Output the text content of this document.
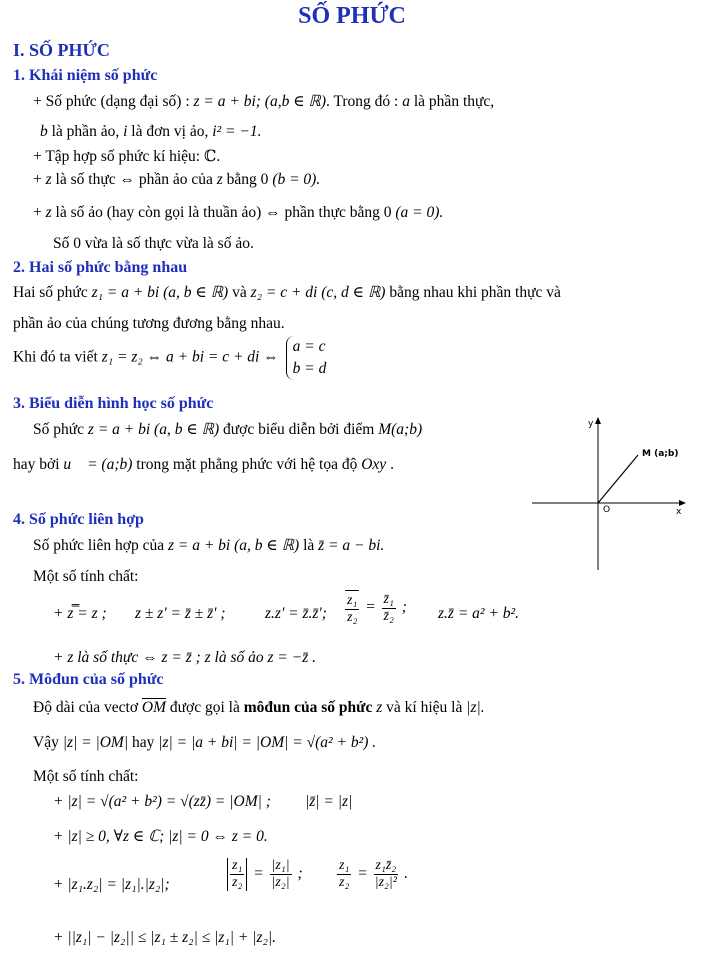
SỐ PHỨC
I. SỐ PHỨC
1. Khái niệm số phức
+ Số phức (dạng đại số) : z = a + bi; (a,b ∈ ℝ). Trong đó : a là phần thực,
b là phần ảo, i là đơn vị ảo, i² = −1.
+ Tập hợp số phức kí hiệu: ℂ.
+ z là số thực ⇔ phần ảo của z bằng 0 (b = 0).
+ z là số ảo (hay còn gọi là thuần ảo) ⇔ phần thực bằng 0 (a = 0).
Số 0 vừa là số thực vừa là số ảo.
2. Hai số phức bằng nhau
Hai số phức z₁ = a + bi (a, b ∈ ℝ) và z₂ = c + di (c, d ∈ ℝ) bằng nhau khi phần thực và
phần ảo của chúng tương đương bằng nhau.
Khi đó ta viết z₁ = z₂ ⇔ a + bi = c + di ⇔
a = c
b = d
3. Biểu diễn hình học số phức
Số phức z = a + bi (a, b ∈ ℝ) được biểu diễn bởi điểm M(a;b)
hay bởi u⃗ = (a;b) trong mặt phẳng phức với hệ tọa độ Oxy .
y
x
O
M (a;b)
4. Số phức liên hợp
Số phức liên hợp của z = a + bi (a, b ∈ ℝ) là z̄ = a − bi.
Một số tính chất:
+ z̿ = z ; z ± z' = z̄ ± z̄' ;	z.z' = z̄.z̄'; $\frac{\text{z₁}}{\text{z₂}} = \frac{\text{z̄₁}}{\text{z̄₂}}$ ; z.z̄ = a² + b².
+ z là số thực ⇔ z = z̄ ; z là số ảo z = −z̄ .
5. Môđun của số phức
Độ dài của vectơ OM được gọi là môđun của số phức z và kí hiệu là |z|.
Vậy |z| = |OM| hay |z| = |a + bi| = |OM| = √(a² + b²) .
Một số tính chất:
+ |z| = √(a² + b²) = √(zz̄) = |OM| ; |z̄| = |z|
+ |z| ≥ 0, ∀z ∈ ℂ; |z| = 0 ⇔ z = 0.
+ |z₁.z₂| = |z₁|.|z₂|;	$\frac{\text{z₁}}{\text{z₂}} = \frac{\text{|z₁|}}{\text{|z₂|}}$ ; $\frac{\text{z₁}}{\text{z₂}} = \frac{\text{z₁z̄₂}}{\text{|z₂|²}}$ .
+ ||z₁| − |z₂|| ≤ |z₁ ± z₂| ≤ |z₁| + |z₂|.
